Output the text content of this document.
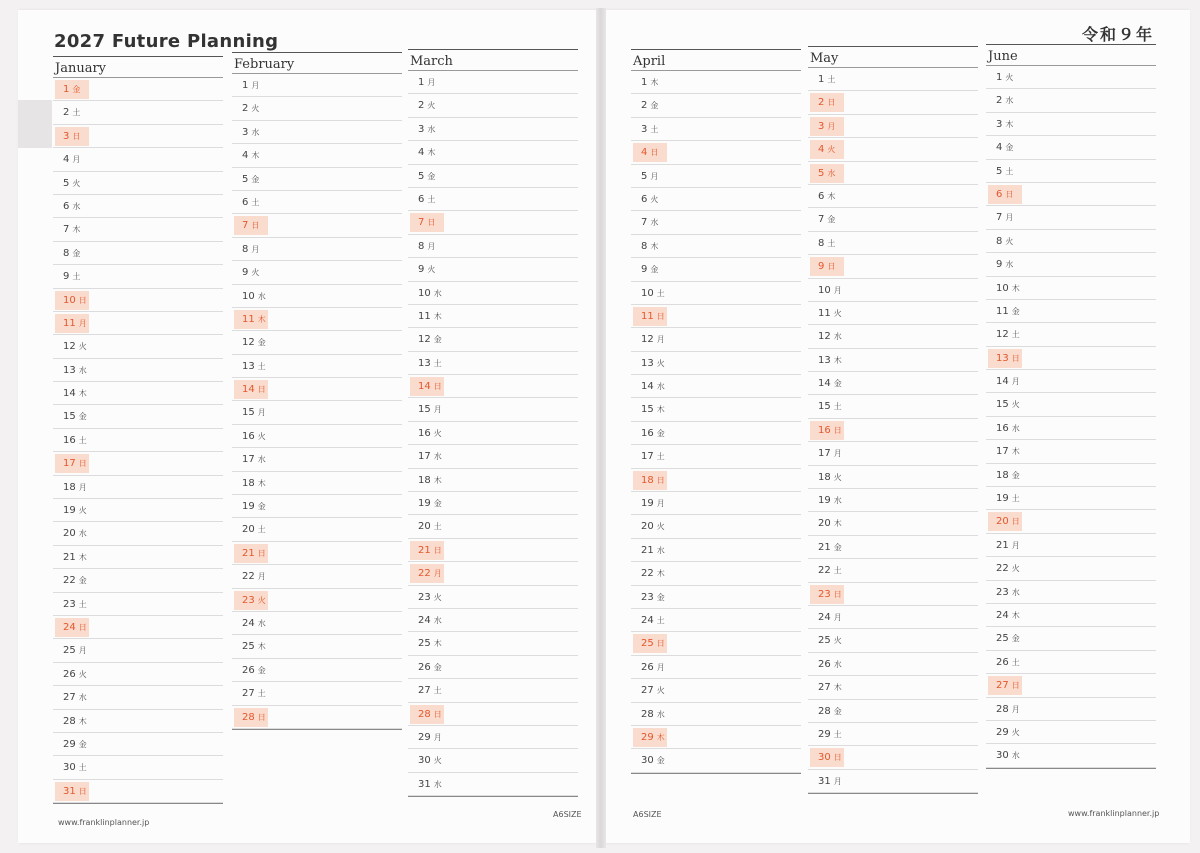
2027 Future Planning	令和９年
January
1 金
2 土
3 日
4 月
5 火
6 水
7 木
8 金
9 土
10 日
11 月
12 火
13 水
14 木
15 金
16 土
17 日
18 月
19 火
20 水
21 木
22 金
23 土
24 日
25 月
26 火
27 水
28 木
29 金
30 土
31 日
February
1 月
2 火
3 水
4 木
5 金
6 土
7 日
8 月
9 火
10 水
11 木
12 金
13 土
14 日
15 月
16 火
17 水
18 木
19 金
20 土
21 日
22 月
23 火
24 水
25 木
26 金
27 土
28 日
March
1 月
2 火
3 水
4 木
5 金
6 土
7 日
8 月
9 火
10 水
11 木
12 金
13 土
14 日
15 月
16 火
17 水
18 木
19 金
20 土
21 日
22 月
23 火
24 水
25 木
26 金
27 土
28 日
29 月
30 火
31 水
April
1 木
2 金
3 土
4 日
5 月
6 火
7 水
8 木
9 金
10 土
11 日
12 月
13 火
14 水
15 木
16 金
17 土
18 日
19 月
20 火
21 水
22 木
23 金
24 土
25 日
26 月
27 火
28 水
29 木
30 金
May
1 土
2 日
3 月
4 火
5 水
6 木
7 金
8 土
9 日
10 月
11 火
12 水
13 木
14 金
15 土
16 日
17 月
18 火
19 水
20 木
21 金
22 土
23 日
24 月
25 火
26 水
27 木
28 金
29 土
30 日
31 月
June
1 火
2 水
3 木
4 金
5 土
6 日
7 月
8 火
9 水
10 木
11 金
12 土
13 日
14 月
15 火
16 水
17 木
18 金
19 土
20 日
21 月
22 火
23 水
24 木
25 金
26 土
27 日
28 月
29 火
30 水
www.franklinplanner.jp
A6SIZE	A6SIZE	www.franklinplanner.jp
